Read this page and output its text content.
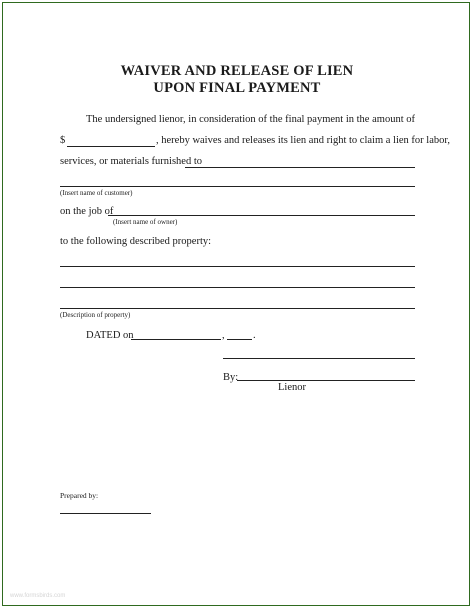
WAIVER AND RELEASE OF LIEN
UPON FINAL PAYMENT
The undersigned lienor, in consideration of the final payment in the amount of
$	, hereby waives and releases its lien and right to claim a lien for labor,
services, or materials furnished to
(Insert name of customer)
on the job of
(Insert name of owner)
to the following described property:
(Description of property)
DATED on	,	.
By:
Lienor
Prepared by:
www.formsbirds.com
